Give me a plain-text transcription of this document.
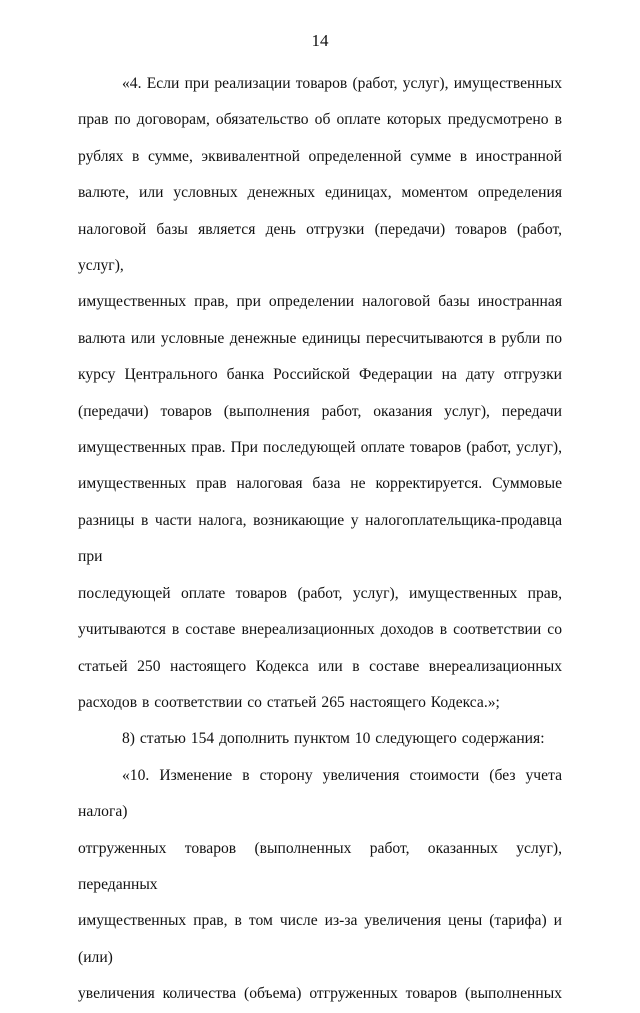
14
«4. Если при реализации товаров (работ, услуг), имущественных
прав по договорам, обязательство об оплате которых предусмотрено в
рублях в сумме, эквивалентной определенной сумме в иностранной
валюте, или условных денежных единицах, моментом определения
налоговой базы является день отгрузки (передачи) товаров (работ, услуг),
имущественных прав, при определении налоговой базы иностранная
валюта или условные денежные единицы пересчитываются в рубли по
курсу Центрального банка Российской Федерации на дату отгрузки
(передачи) товаров (выполнения работ, оказания услуг), передачи
имущественных прав. При последующей оплате товаров (работ, услуг),
имущественных прав налоговая база не корректируется. Суммовые
разницы в части налога, возникающие у налогоплательщика-продавца при
последующей оплате товаров (работ, услуг), имущественных прав,
учитываются в составе внереализационных доходов в соответствии со
статьей 250 настоящего Кодекса или в составе внереализационных
расходов в соответствии со статьей 265 настоящего Кодекса.»;
8) статью 154 дополнить пунктом 10 следующего содержания:
«10. Изменение в сторону увеличения стоимости (без учета налога)
отгруженных товаров (выполненных работ, оказанных услуг), переданных
имущественных прав, в том числе из-за увеличения цены (тарифа) и (или)
увеличения количества (объема) отгруженных товаров (выполненных
